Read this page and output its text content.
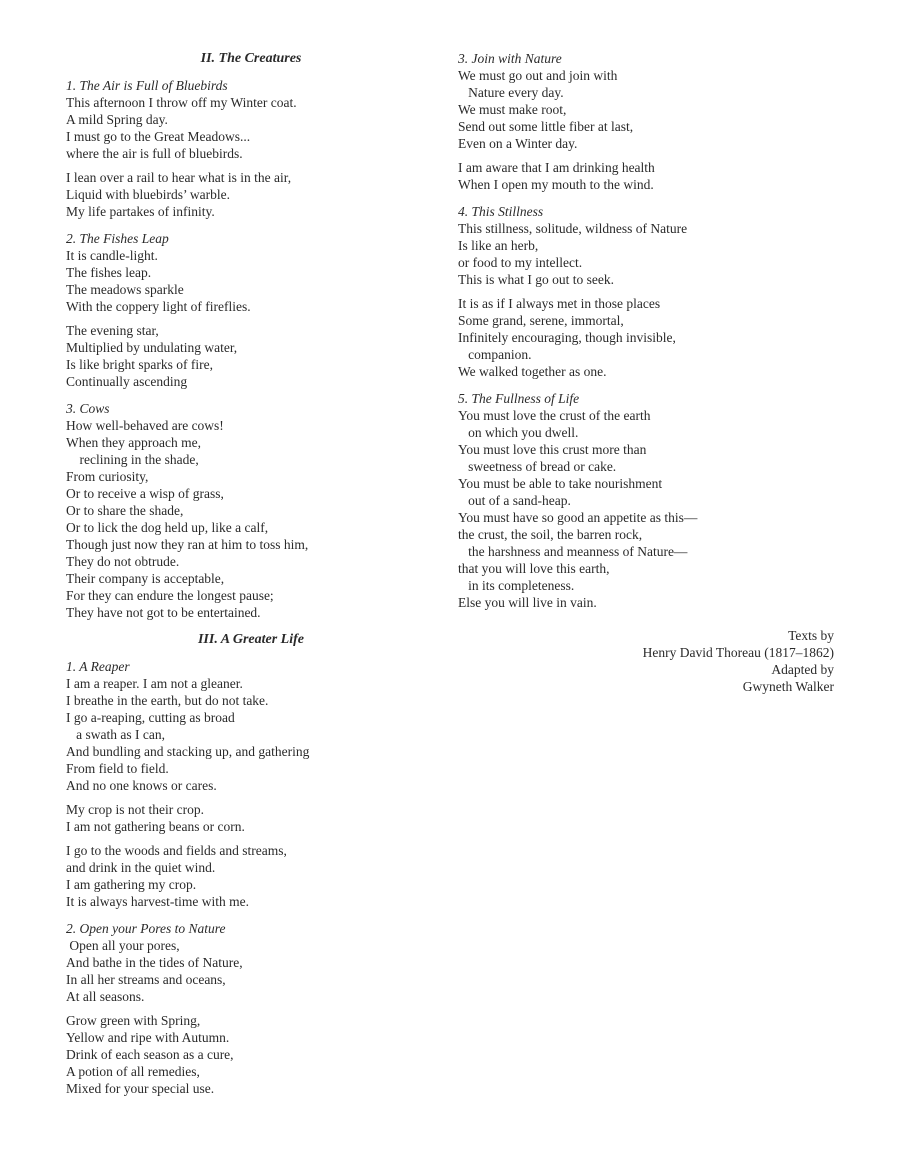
II. The Creatures
1. The Air is Full of Bluebirds
This afternoon I throw off my Winter coat.
A mild Spring day.
I must go to the Great Meadows...
where the air is full of bluebirds.
I lean over a rail to hear what is in the air,
Liquid with bluebirds’ warble.
My life partakes of infinity.
2. The Fishes Leap
It is candle-light.
The fishes leap.
The meadows sparkle
With the coppery light of fireflies.
The evening star,
Multiplied by undulating water,
Is like bright sparks of fire,
Continually ascending
3. Cows
How well-behaved are cows!
When they approach me,
reclining in the shade,
From curiosity,
Or to receive a wisp of grass,
Or to share the shade,
Or to lick the dog held up, like a calf,
Though just now they ran at him to toss him,
They do not obtrude.
Their company is acceptable,
For they can endure the longest pause;
They have not got to be entertained.
III. A Greater Life
1. A Reaper
I am a reaper. I am not a gleaner.
I breathe in the earth, but do not take.
I go a-reaping, cutting as broad
a swath as I can,
And bundling and stacking up, and gathering
From field to field.
And no one knows or cares.
My crop is not their crop.
I am not gathering beans or corn.
I go to the woods and fields and streams,
and drink in the quiet wind.
I am gathering my crop.
It is always harvest-time with me.
2. Open your Pores to Nature
Open all your pores,
And bathe in the tides of Nature,
In all her streams and oceans,
At all seasons.
Grow green with Spring,
Yellow and ripe with Autumn.
Drink of each season as a cure,
A potion of all remedies,
Mixed for your special use.
3. Join with Nature
We must go out and join with
Nature every day.
We must make root,
Send out some little fiber at last,
Even on a Winter day.
I am aware that I am drinking health
When I open my mouth to the wind.
4. This Stillness
This stillness, solitude, wildness of Nature
Is like an herb,
or food to my intellect.
This is what I go out to seek.
It is as if I always met in those places
Some grand, serene, immortal,
Infinitely encouraging, though invisible,
companion.
We walked together as one.
5. The Fullness of Life
You must love the crust of the earth
on which you dwell.
You must love this crust more than
sweetness of bread or cake.
You must be able to take nourishment
out of a sand-heap.
You must have so good an appetite as this—
the crust, the soil, the barren rock,
the harshness and meanness of Nature—
that you will love this earth,
in its completeness.
Else you will live in vain.
Texts by
Henry David Thoreau (1817–1862)
Adapted by
Gwyneth Walker
